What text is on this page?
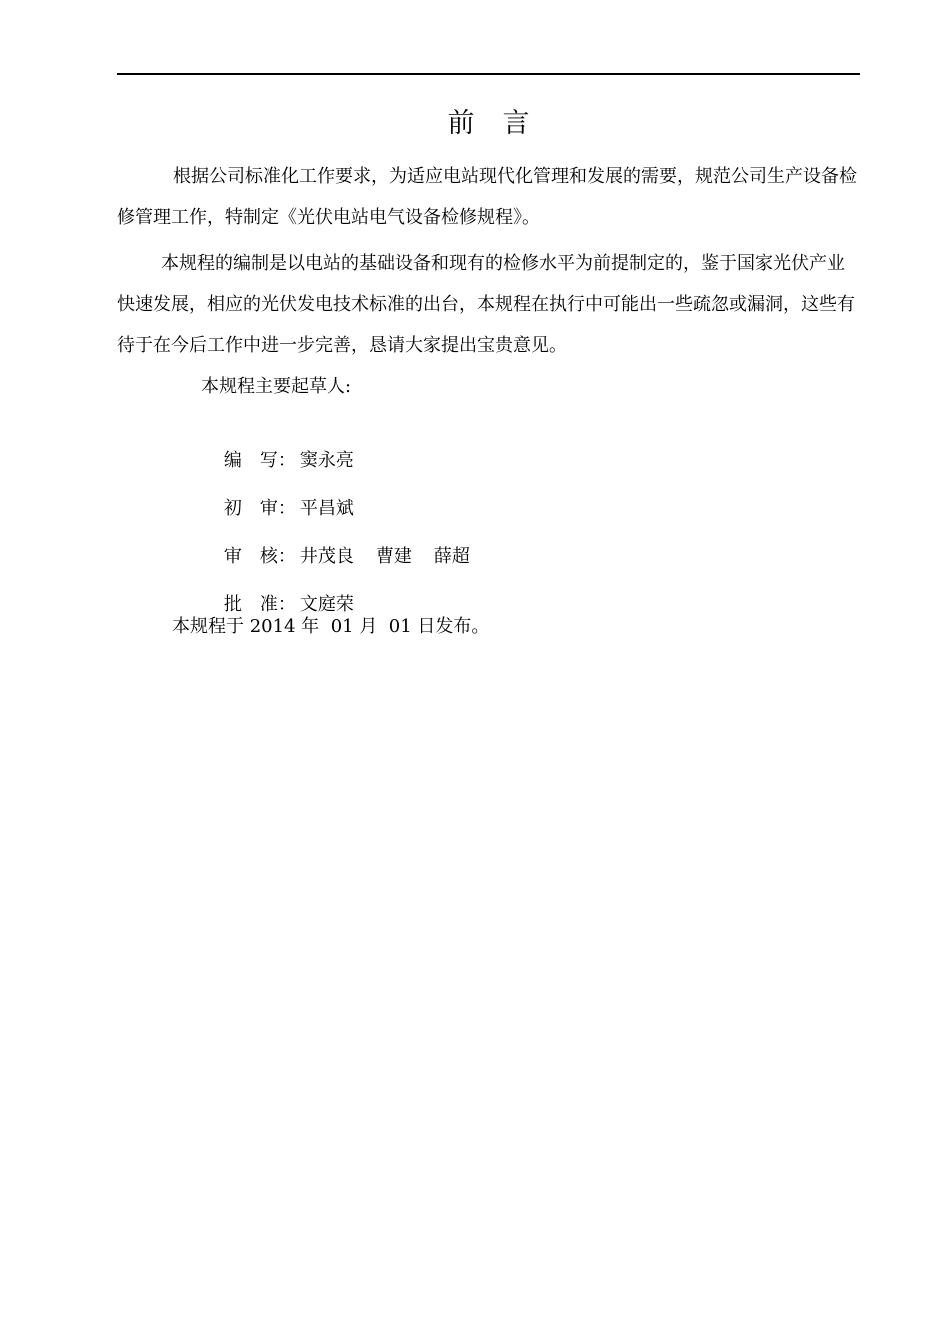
前言

根据公司标准化工作要求，为适应电站现代化管理和发展的需要，规范公司生产设备检修管理工作，特制定《光伏电站电气设备检修规程》。

本规程的编制是以电站的基础设备和现有的检修水平为前提制定的，鉴于国家光伏产业快速发展，相应的光伏发电技术标准的出台，本规程在执行中可能出一些疏忽或漏洞，这些有待于在今后工作中进一步完善，恳请大家提出宝贵意见。

本规程主要起草人:

编　写： 窦永亮

初　审： 平昌斌

审　核： 井茂良 曹建 薛超

批　准： 文庭荣

本规程于 2014 年  01 月  01 日发布。
